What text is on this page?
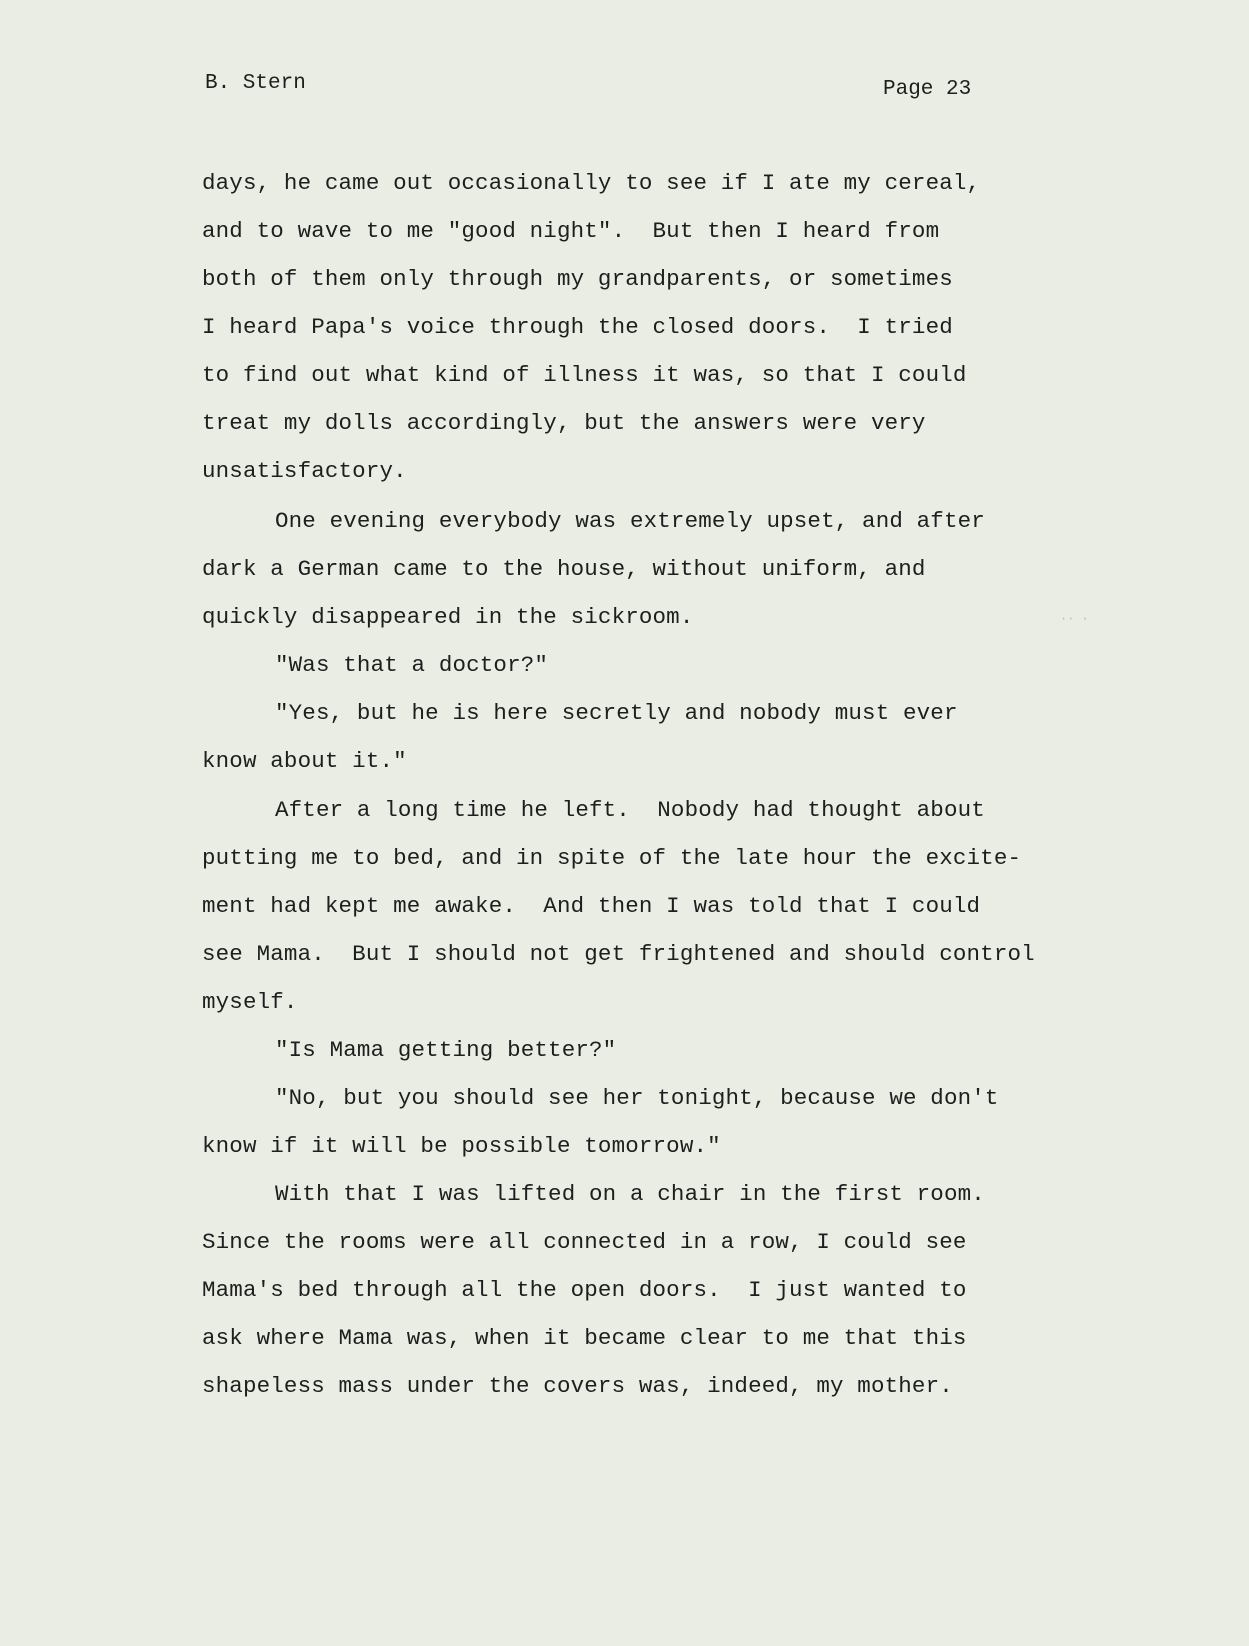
B. Stern	Page 23
days, he came out occasionally to see if I ate my cereal,
and to wave to me "good night".  But then I heard from
both of them only through my grandparents, or sometimes
I heard Papa's voice through the closed doors.  I tried
to find out what kind of illness it was, so that I could
treat my dolls accordingly, but the answers were very
unsatisfactory.
One evening everybody was extremely upset, and after
dark a German came to the house, without uniform, and
quickly disappeared in the sickroom.
"Was that a doctor?"
"Yes, but he is here secretly and nobody must ever
know about it."
After a long time he left.  Nobody had thought about
putting me to bed, and in spite of the late hour the excite-
ment had kept me awake.  And then I was told that I could
see Mama.  But I should not get frightened and should control
myself.
"Is Mama getting better?"
"No, but you should see her tonight, because we don't
know if it will be possible tomorrow."
With that I was lifted on a chair in the first room.
Since the rooms were all connected in a row, I could see
Mama's bed through all the open doors.  I just wanted to
ask where Mama was, when it became clear to me that this
shapeless mass under the covers was, indeed, my mother.
·· ·
